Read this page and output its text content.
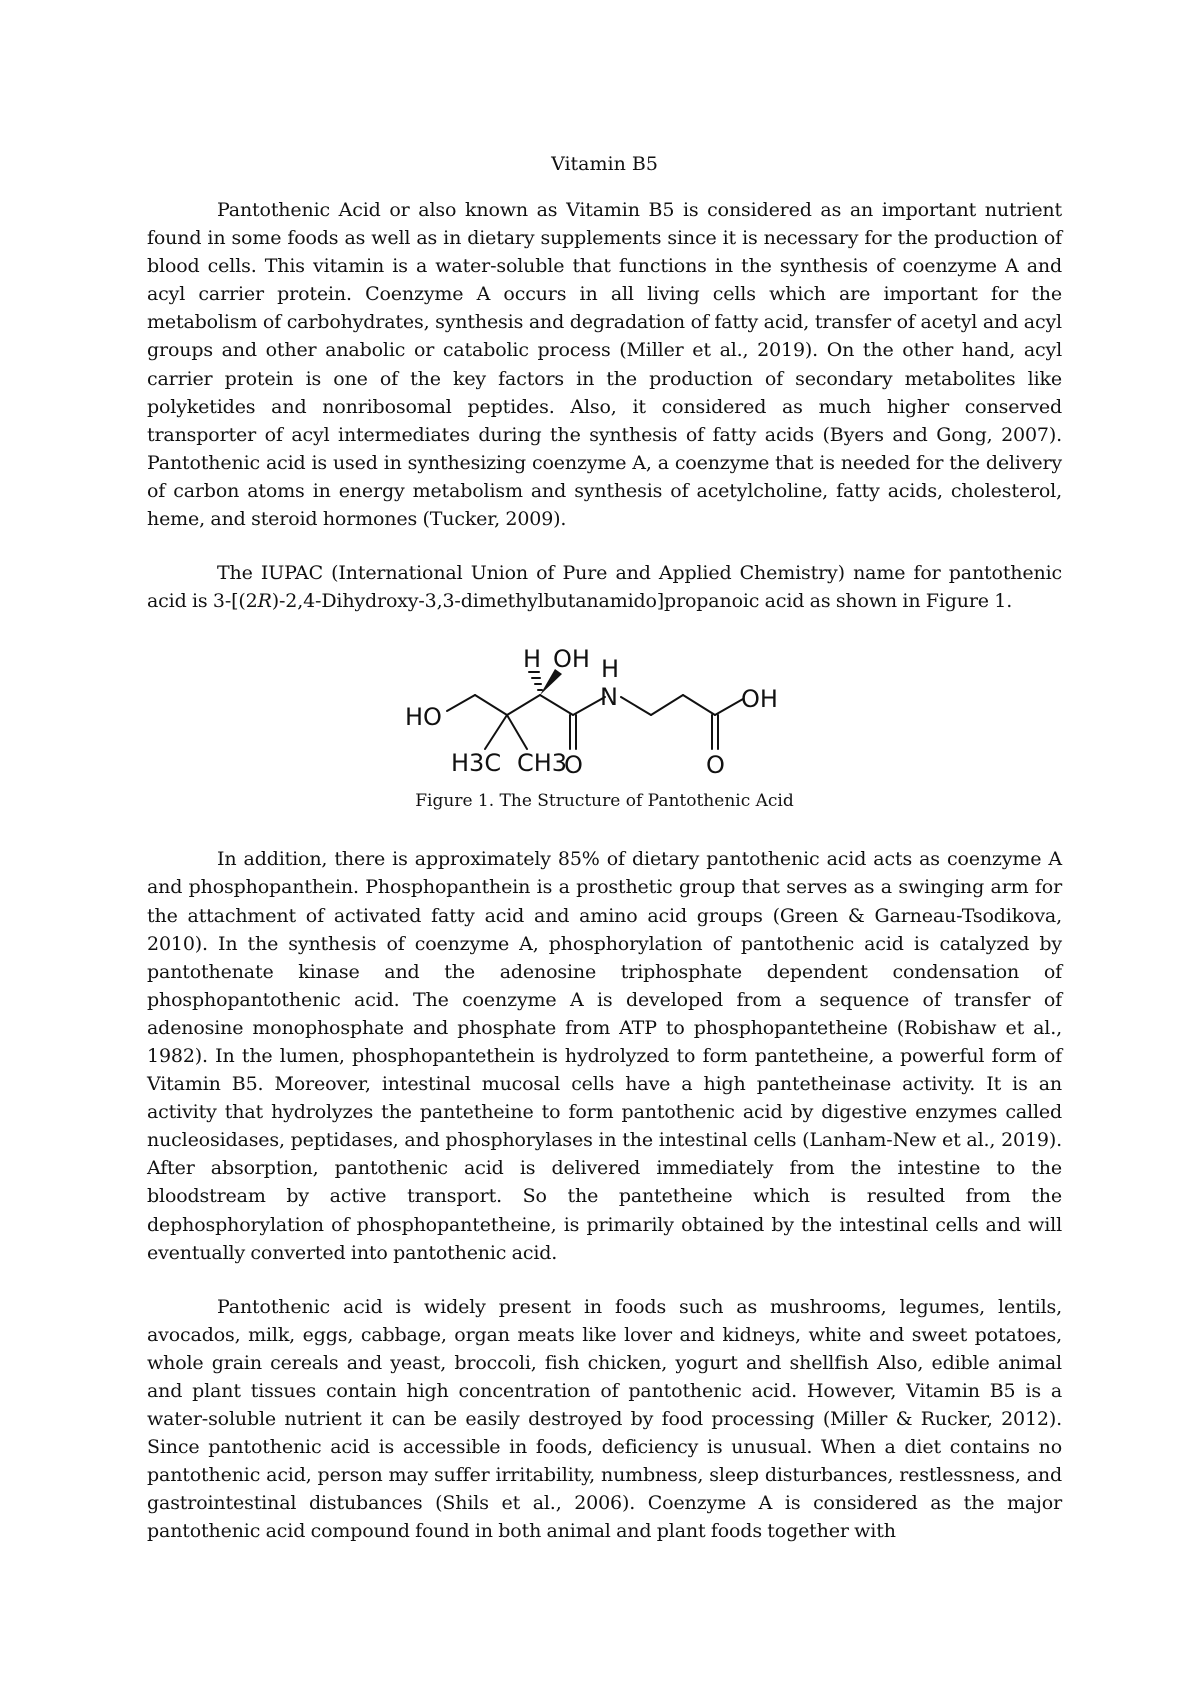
Vitamin B5

Pantothenic Acid or also known as Vitamin B5 is considered as an important nutrient found in some foods as well as in dietary supplements since it is necessary for the production of blood cells. This vitamin is a water-soluble that functions in the synthesis of coenzyme A and acyl carrier protein. Coenzyme A occurs in all living cells which are important for the metabolism of carbohydrates, synthesis and degradation of fatty acid, transfer of acetyl and acyl groups and other anabolic or catabolic process (Miller et al., 2019). On the other hand, acyl carrier protein is one of the key factors in the production of secondary metabolites like polyketides and nonribosomal peptides. Also, it considered as much higher conserved transporter of acyl intermediates during the synthesis of fatty acids (Byers and Gong, 2007). Pantothenic acid is used in synthesizing coenzyme A, a coenzyme that is needed for the delivery of carbon atoms in energy metabolism and synthesis of acetylcholine, fatty acids, cholesterol, heme, and steroid hormones (Tucker, 2009).

The IUPAC (International Union of Pure and Applied Chemistry) name for pantothenic acid is 3-[(2R)-2,4-Dihydroxy-3,3-dimethylbutanamido]propanoic acid as shown in Figure 1.

H OH H
N	OH
HO
H3C CH3
O	O
Figure 1. The Structure of Pantothenic Acid

In addition, there is approximately 85% of dietary pantothenic acid acts as coenzyme A and phosphopanthein. Phosphopanthein is a prosthetic group that serves as a swinging arm for the attachment of activated fatty acid and amino acid groups (Green & Garneau-Tsodikova, 2010). In the synthesis of coenzyme A, phosphorylation of pantothenic acid is catalyzed by pantothenate kinase and the adenosine triphosphate dependent condensation of phosphopantothenic acid. The coenzyme A is developed from a sequence of transfer of adenosine monophosphate and phosphate from ATP to phosphopantetheine (Robishaw et al., 1982). In the lumen, phosphopantethein is hydrolyzed to form pantetheine, a powerful form of Vitamin B5. Moreover, intestinal mucosal cells have a high pantetheinase activity. It is an activity that hydrolyzes the pantetheine to form pantothenic acid by digestive enzymes called nucleosidases, peptidases, and phosphorylases in the intestinal cells (Lanham-New et al., 2019). After absorption, pantothenic acid is delivered immediately from the intestine to the bloodstream by active transport. So the pantetheine which is resulted from the dephosphorylation of phosphopantetheine, is primarily obtained by the intestinal cells and will eventually converted into pantothenic acid.

Pantothenic acid is widely present in foods such as mushrooms, legumes, lentils, avocados, milk, eggs, cabbage, organ meats like lover and kidneys, white and sweet potatoes, whole grain cereals and yeast, broccoli, fish chicken, yogurt and shellfish Also, edible animal and plant tissues contain high concentration of pantothenic acid. However, Vitamin B5 is a water-soluble nutrient it can be easily destroyed by food processing (Miller & Rucker, 2012). Since pantothenic acid is accessible in foods, deficiency is unusual. When a diet contains no pantothenic acid, person may suffer irritability, numbness, sleep disturbances, restlessness, and gastrointestinal distubances (Shils et al., 2006). Coenzyme A is considered as the major pantothenic acid compound found in both animal and plant foods together with
